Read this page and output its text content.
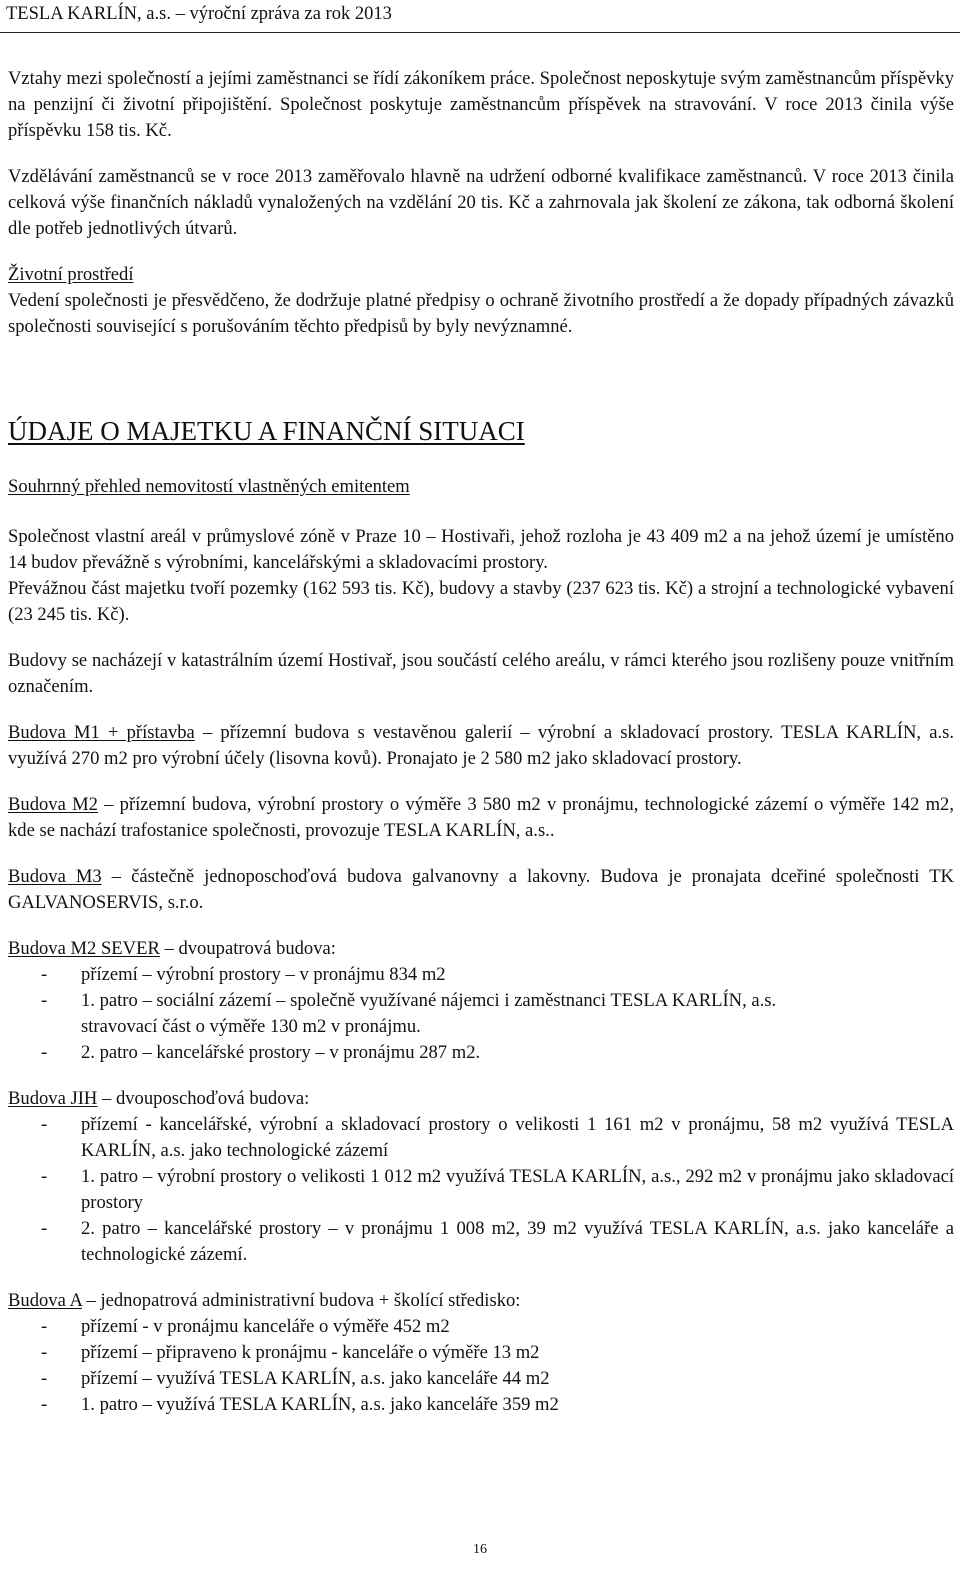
TESLA KARLÍN, a.s. – výroční zpráva za rok 2013

Vztahy mezi společností a jejími zaměstnanci se řídí zákoníkem práce. Společnost neposkytuje svým zaměstnancům příspěvky na penzijní či životní připojištění. Společnost poskytuje zaměstnancům příspěvek na stravování. V roce 2013 činila výše příspěvku 158 tis. Kč.

Vzdělávání zaměstnanců se v roce 2013 zaměřovalo hlavně na udržení odborné kvalifikace zaměstnanců. V roce 2013 činila celková výše finančních nákladů vynaložených na vzdělání 20 tis. Kč a zahrnovala jak školení ze zákona, tak odborná školení dle potřeb jednotlivých útvarů.

Životní prostředí

Vedení společnosti je přesvědčeno, že dodržuje platné předpisy o ochraně životního prostředí a že dopady případných závazků společnosti související s porušováním těchto předpisů by byly nevýznamné.

ÚDAJE O MAJETKU A FINANČNÍ SITUACI

Souhrnný přehled nemovitostí vlastněných emitentem

Společnost vlastní areál v průmyslové zóně v Praze 10 – Hostivaři, jehož rozloha je 43 409 m2 a na jehož území je umístěno 14 budov převážně s výrobními, kancelářskými a skladovacími prostory.

Převážnou část majetku tvoří pozemky (162 593 tis. Kč), budovy a stavby (237 623 tis. Kč) a strojní a technologické vybavení (23 245 tis. Kč).

Budovy se nacházejí v katastrálním území Hostivař, jsou součástí celého areálu, v rámci kterého jsou rozlišeny pouze vnitřním označením.

Budova M1 + přístavba – přízemní budova s vestavěnou galerií – výrobní a skladovací prostory. TESLA KARLÍN, a.s. využívá 270 m2 pro výrobní účely (lisovna kovů). Pronajato je 2 580 m2 jako skladovací prostory.

Budova M2 – přízemní budova, výrobní prostory o výměře 3 580 m2 v pronájmu, technologické zázemí o výměře 142 m2, kde se nachází trafostanice společnosti, provozuje TESLA KARLÍN, a.s..

Budova M3 – částečně jednoposchoďová budova galvanovny a lakovny. Budova je pronajata dceřiné společnosti TK GALVANOSERVIS, s.r.o.

Budova M2 SEVER – dvoupatrová budova:

- přízemí – výrobní prostory – v pronájmu 834 m2
- 1. patro – sociální zázemí – společně využívané nájemci i zaměstnanci TESLA KARLÍN, a.s.
stravovací část o výměře 130 m2 v pronájmu.
- 2. patro – kancelářské prostory – v pronájmu 287 m2.

Budova JIH – dvouposchoďová budova:

- přízemí - kancelářské, výrobní a skladovací prostory o velikosti 1 161 m2 v pronájmu, 58 m2 využívá TESLA KARLÍN, a.s. jako technologické zázemí
- 1. patro – výrobní prostory o velikosti 1 012 m2 využívá TESLA KARLÍN, a.s., 292 m2 v pronájmu jako skladovací prostory
- 2. patro – kancelářské prostory – v pronájmu 1 008 m2, 39 m2 využívá TESLA KARLÍN, a.s. jako kanceláře a technologické zázemí.

Budova A – jednopatrová administrativní budova + školící středisko:

- přízemí - v pronájmu kanceláře o výměře 452 m2
- přízemí – připraveno k pronájmu - kanceláře o výměře 13 m2
- přízemí – využívá TESLA KARLÍN, a.s. jako kanceláře 44 m2
- 1. patro – využívá TESLA KARLÍN, a.s. jako kanceláře 359 m2
16
